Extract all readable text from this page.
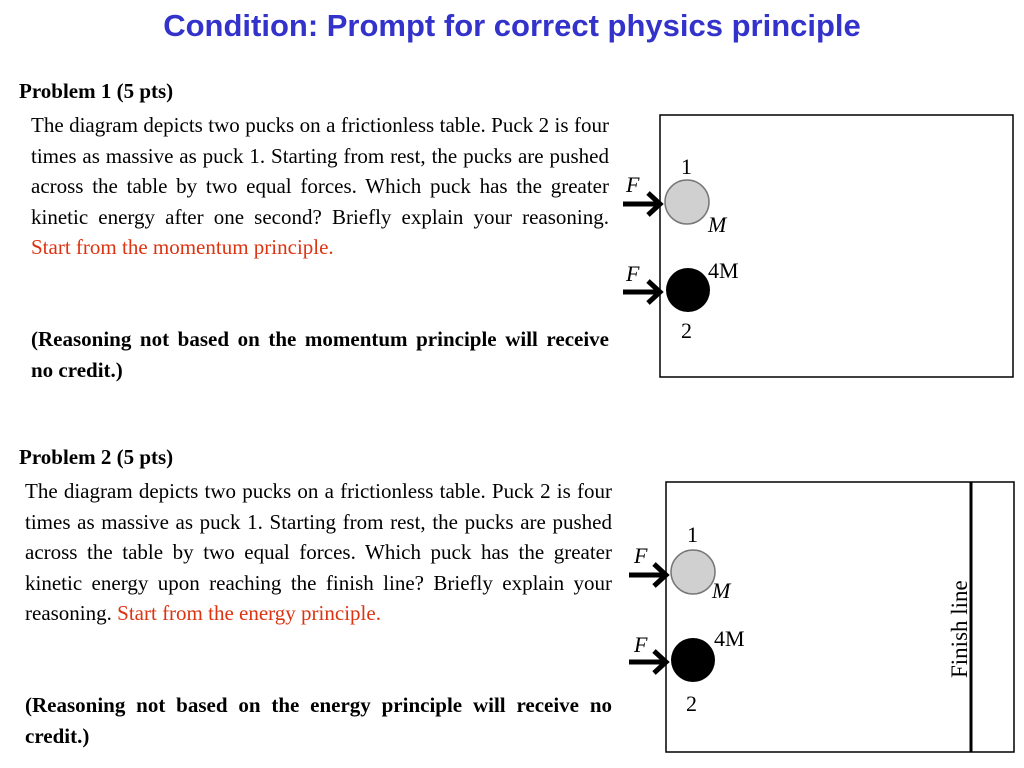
Condition: Prompt for correct physics principle
Problem 1 (5 pts)
The diagram depicts two pucks on a frictionless table. Puck 2 is four times as massive as puck 1. Starting from rest, the pucks are pushed across the table by two equal forces. Which puck has the greater kinetic energy after one second? Briefly explain your reasoning. Start from the momentum principle.
(Reasoning not based on the momentum principle will receive no credit.)
F
1
M
F	4M
2
Problem 2 (5 pts)
The diagram depicts two pucks on a frictionless table. Puck 2 is four times as massive as puck 1. Starting from rest, the pucks are pushed across the table by two equal forces. Which puck has the greater kinetic energy upon reaching the finish line? Briefly explain your reasoning. Start from the energy principle.
(Reasoning not based on the energy principle will receive no credit.)
Finish line
F
1
M
F	4M
2
